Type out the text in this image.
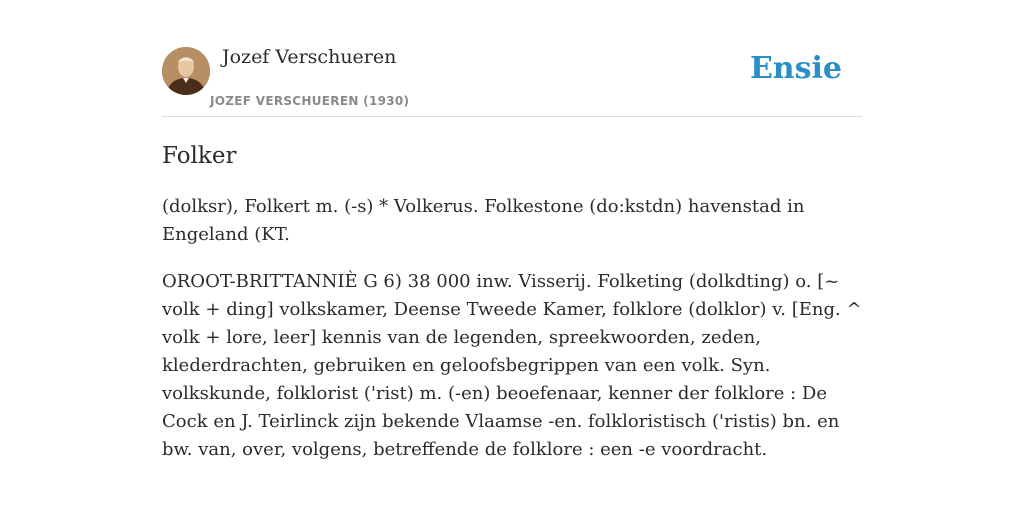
Jozef Verschueren
JOZEF VERSCHUEREN (1930)
Ensie
Folker

(dolksr), Folkert m. (-s) * Volkerus. Folkestone (do:kstdn) havenstad in Engeland (KT.

OROOT-BRITTANNIÈ G 6) 38 000 inw. Visserij. Folketing (dolkdting) o. [~ volk + ding] volkskamer, Deense Tweede Kamer, folklore (dolklor) v. [Eng. ^ volk + lore, leer] kennis van de legenden, spreekwoorden, zeden, klederdrachten, gebruiken en geloofsbegrippen van een volk. Syn. volkskunde, folklorist ('rist) m. (-en) beoefenaar, kenner der folklore : De Cock en J. Teirlinck zijn bekende Vlaamse -en. folkloristisch ('ristis) bn. en bw. van, over, volgens, betreffende de folklore : een -e voordracht.
